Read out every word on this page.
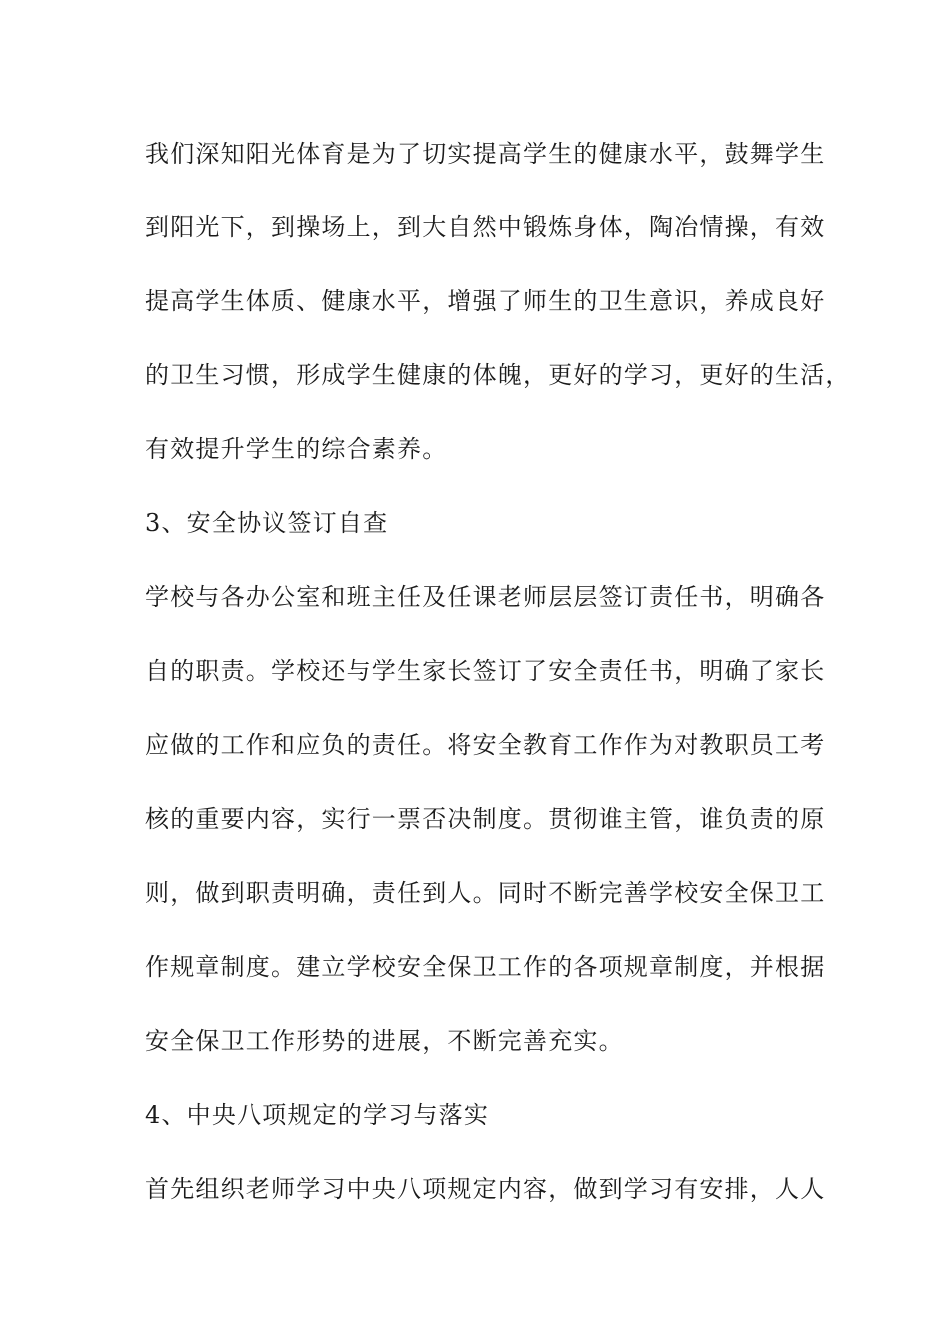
我们深知阳光体育是为了切实提高学生的健康水平，鼓舞学生
到阳光下，到操场上，到大自然中锻炼身体，陶冶情操，有效
提高学生体质、健康水平，增强了师生的卫生意识，养成良好
的卫生习惯，形成学生健康的体魄，更好的学习，更好的生活，
有效提升学生的综合素养。
3、安全协议签订自查
学校与各办公室和班主任及任课老师层层签订责任书，明确各
自的职责。学校还与学生家长签订了安全责任书，明确了家长
应做的工作和应负的责任。将安全教育工作作为对教职员工考
核的重要内容，实行一票否决制度。贯彻谁主管，谁负责的原
则，做到职责明确，责任到人。同时不断完善学校安全保卫工
作规章制度。建立学校安全保卫工作的各项规章制度，并根据
安全保卫工作形势的进展，不断完善充实。
4、中央八项规定的学习与落实
首先组织老师学习中央八项规定内容，做到学习有安排，人人
